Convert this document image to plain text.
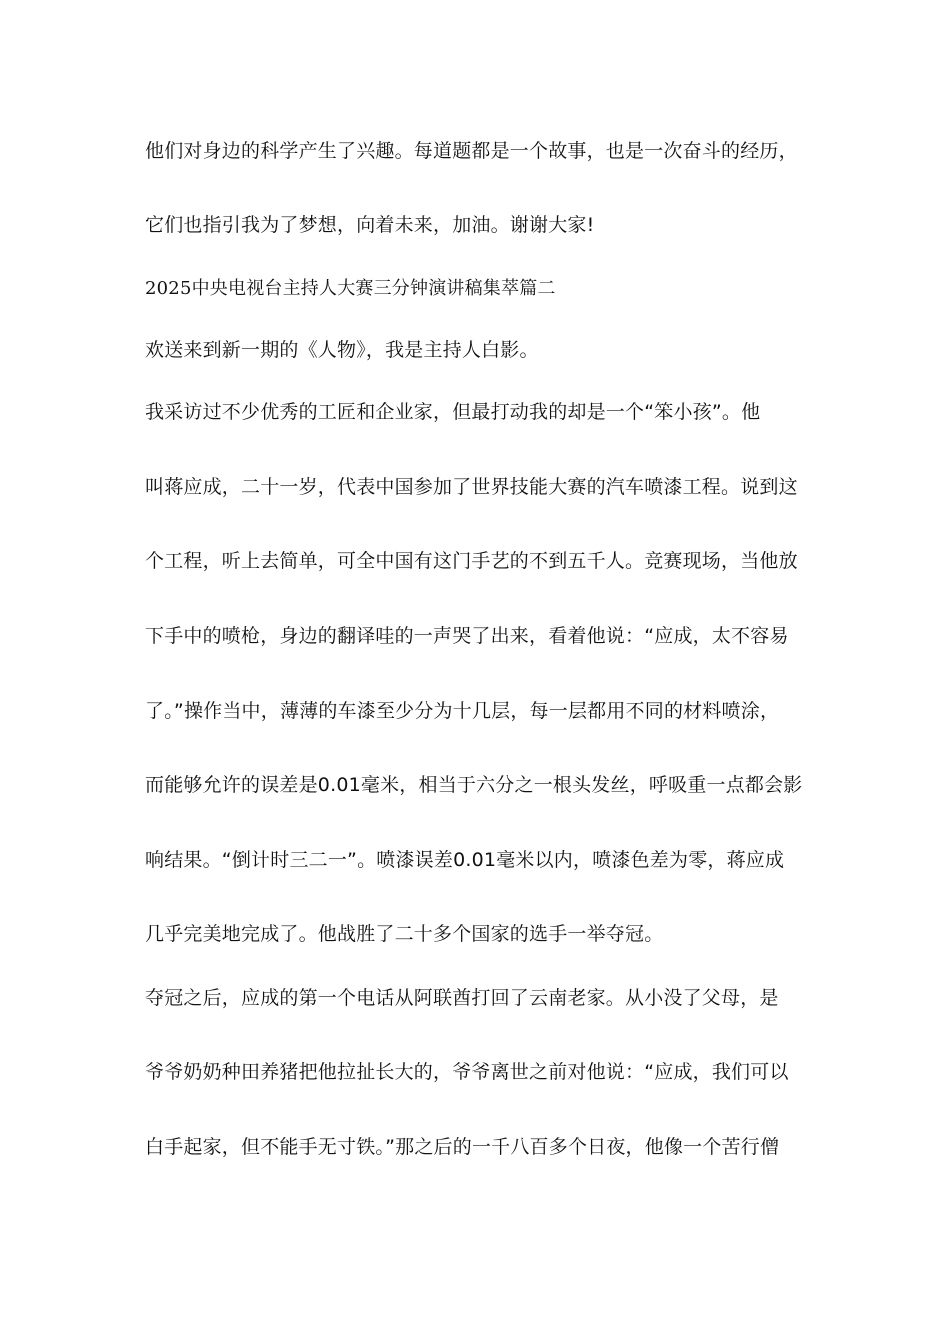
他们对身边的科学产生了兴趣。每道题都是一个故事，也是一次奋斗的经历，
它们也指引我为了梦想，向着未来，加油。谢谢大家!
2025中央电视台主持人大赛三分钟演讲稿集萃篇二
欢送来到新一期的《人物》，我是主持人白影。
我采访过不少优秀的工匠和企业家，但最打动我的却是一个“笨小孩”。他
叫蒋应成，二十一岁，代表中国参加了世界技能大赛的汽车喷漆工程。说到这
个工程，听上去简单，可全中国有这门手艺的不到五千人。竞赛现场，当他放
下手中的喷枪，身边的翻译哇的一声哭了出来，看着他说：“应成，太不容易
了。”操作当中，薄薄的车漆至少分为十几层，每一层都用不同的材料喷涂，
而能够允许的误差是0.01毫米，相当于六分之一根头发丝，呼吸重一点都会影
响结果。“倒计时三二一”。喷漆误差0.01毫米以内，喷漆色差为零，蒋应成
几乎完美地完成了。他战胜了二十多个国家的选手一举夺冠。
夺冠之后，应成的第一个电话从阿联酋打回了云南老家。从小没了父母，是
爷爷奶奶种田养猪把他拉扯长大的，爷爷离世之前对他说：“应成，我们可以
白手起家，但不能手无寸铁。”那之后的一千八百多个日夜，他像一个苦行僧
